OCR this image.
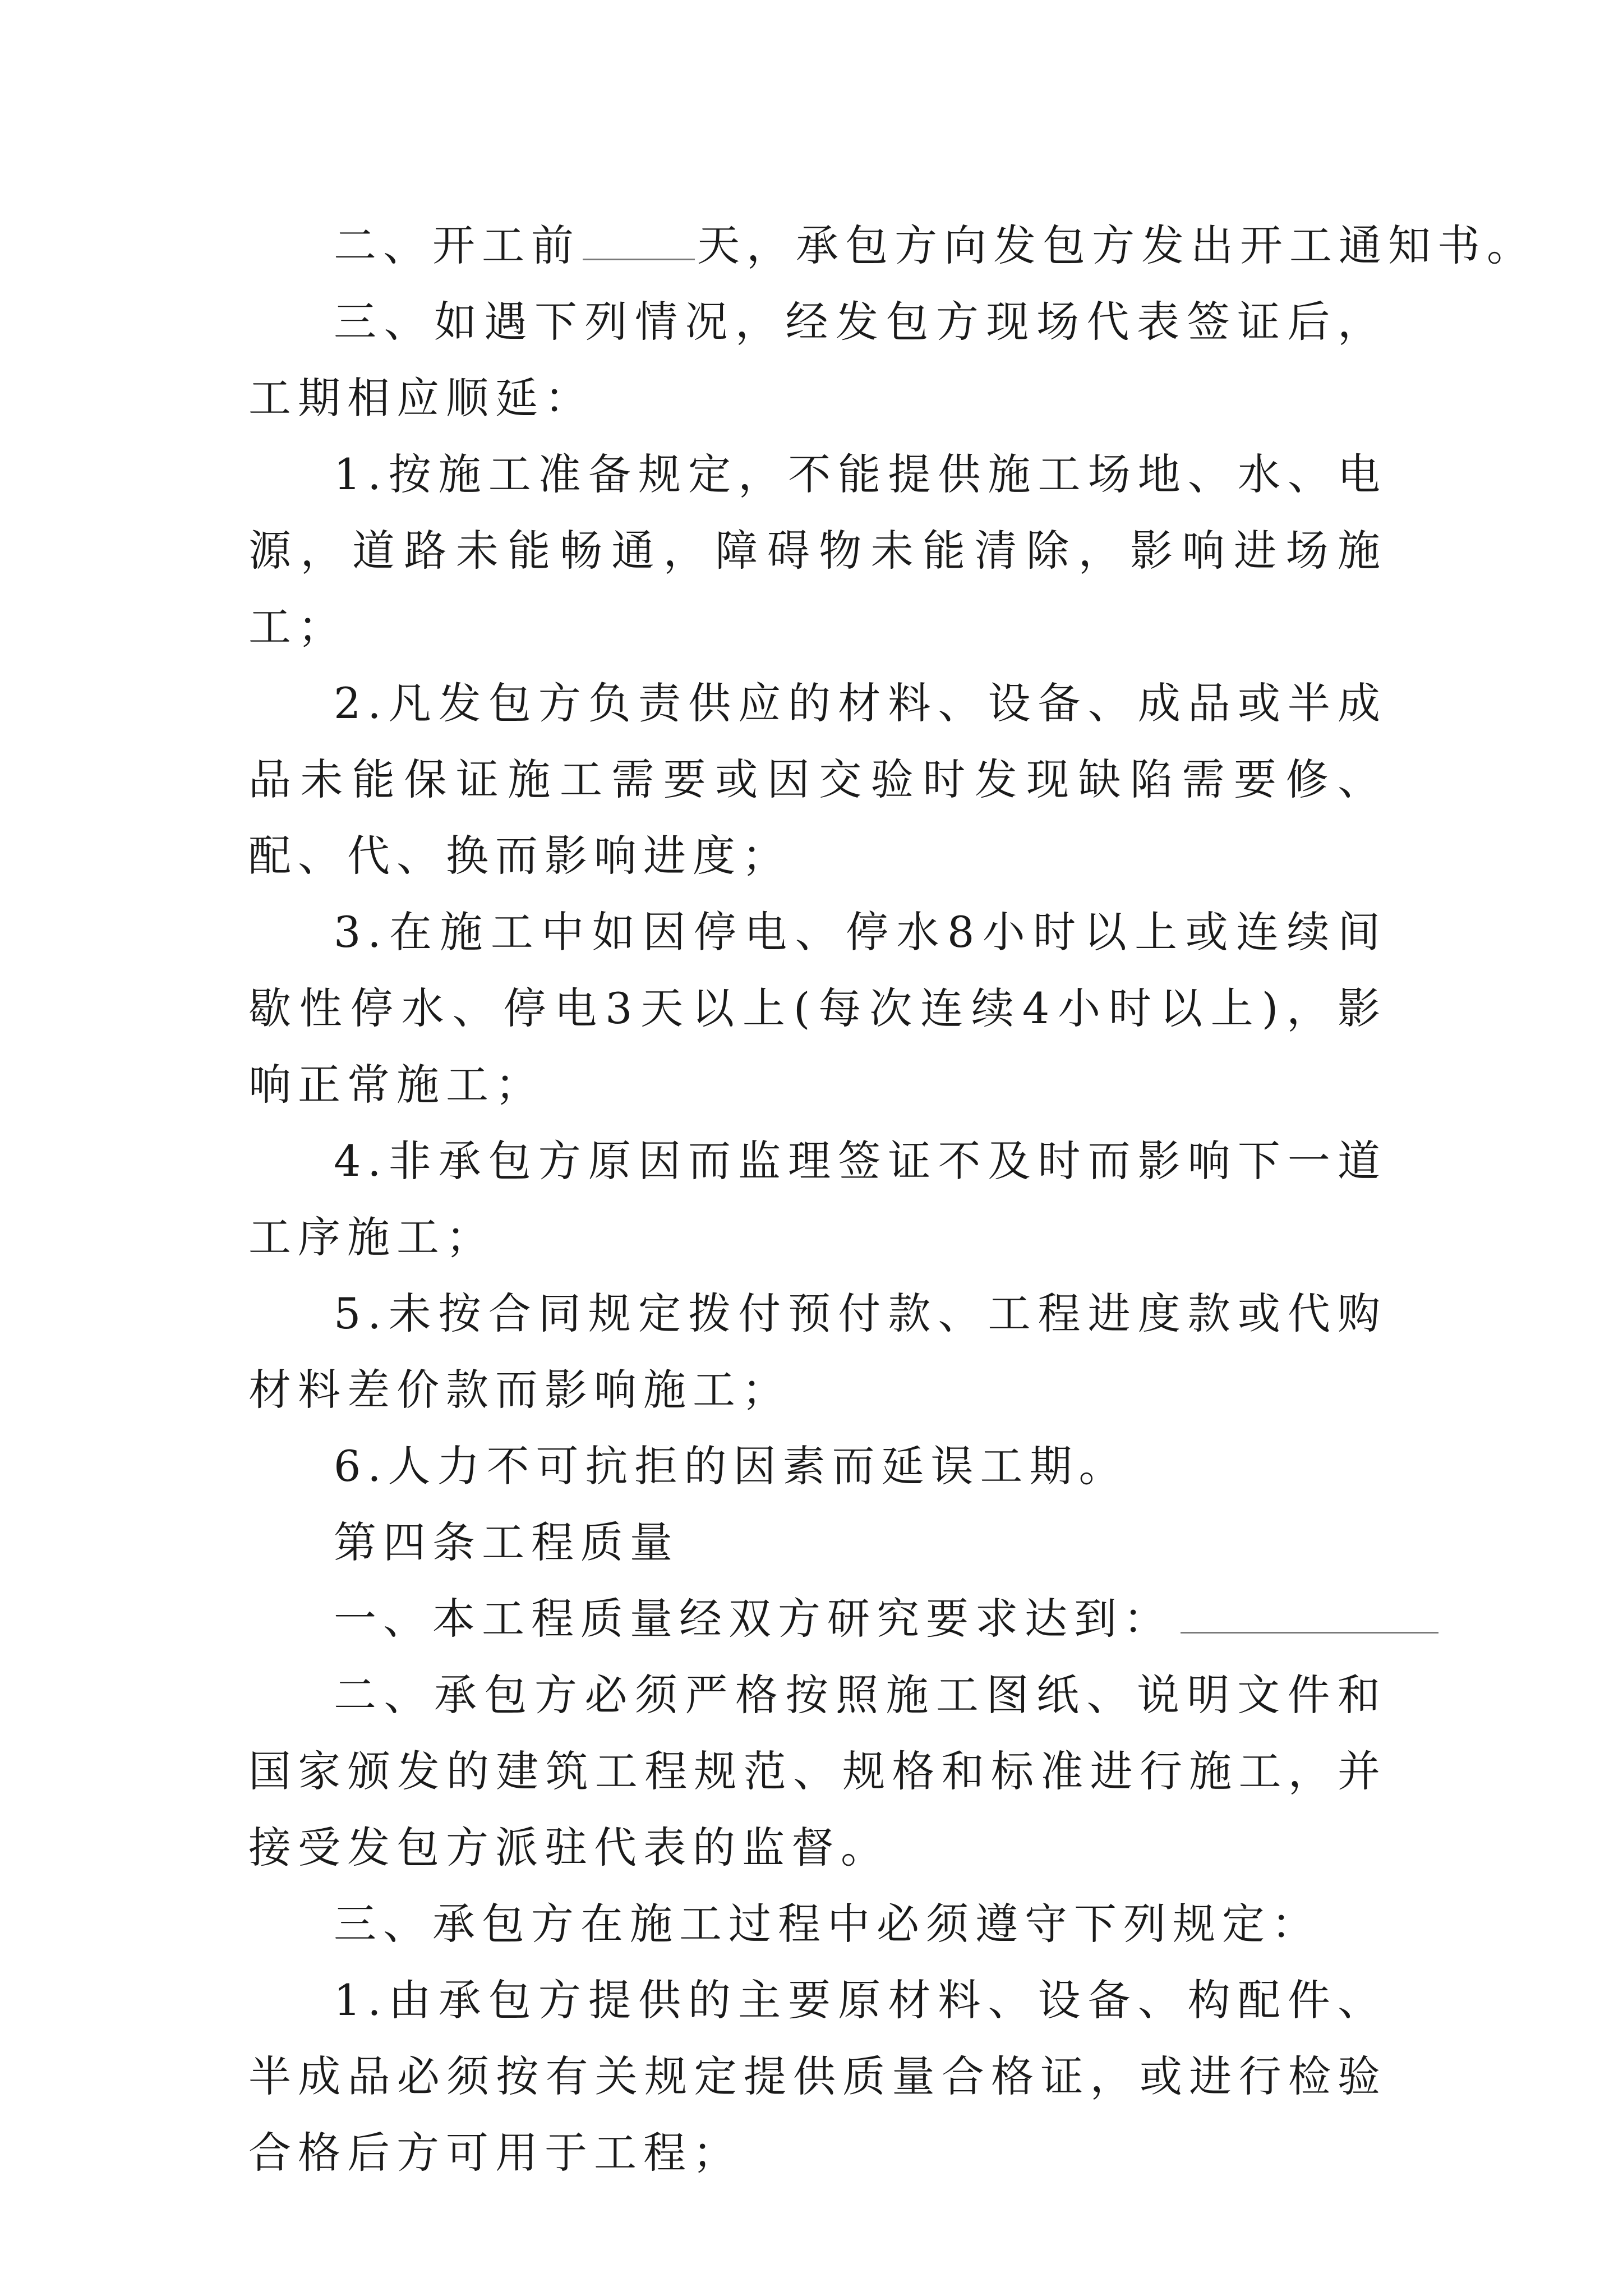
二、开工前	天，承包方向发包方发出开工通知书。

三、如遇下列情况，经发包方现场代表签证后，工期相应顺延：

1.按施工准备规定，不能提供施工场地、水、电源，道路未能畅通，障碍物未能清除，影响进场施工；

2.凡发包方负责供应的材料、设备、成品或半成品未能保证施工需要或因交验时发现缺陷需要修、配、代、换而影响进度；

3.在施工中如因停电、停水8小时以上或连续间歇性停水、停电3天以上(每次连续4小时以上)，影响正常施工；

4.非承包方原因而监理签证不及时而影响下一道工序施工；

5.未按合同规定拨付预付款、工程进度款或代购材料差价款而影响施工；

6.人力不可抗拒的因素而延误工期。

第四条工程质量

一、本工程质量经双方研究要求达到：

二、承包方必须严格按照施工图纸、说明文件和国家颁发的建筑工程规范、规格和标准进行施工，并接受发包方派驻代表的监督。

三、承包方在施工过程中必须遵守下列规定：

1.由承包方提供的主要原材料、设备、构配件、半成品必须按有关规定提供质量合格证，或进行检验合格后方可用于工程；
